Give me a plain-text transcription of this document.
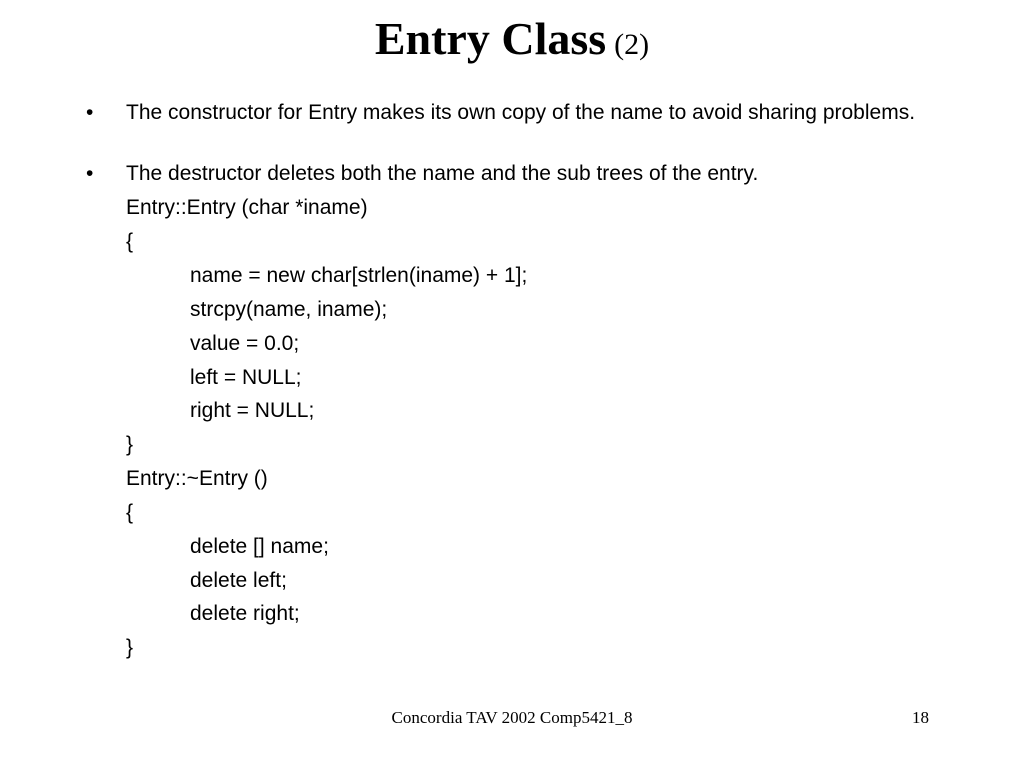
Entry Class (2)
•	The constructor for Entry makes its own copy of the name to avoid sharing problems.
•	The destructor deletes both the name and the sub trees of the entry.
Entry::Entry (char *iname)
{
name = new char[strlen(iname) + 1];
strcpy(name, iname);
value = 0.0;
left = NULL;
right = NULL;
}
Entry::~Entry ()
{
delete [] name;
delete left;
delete right;
}
Concordia TAV 2002 Comp5421_8	18
